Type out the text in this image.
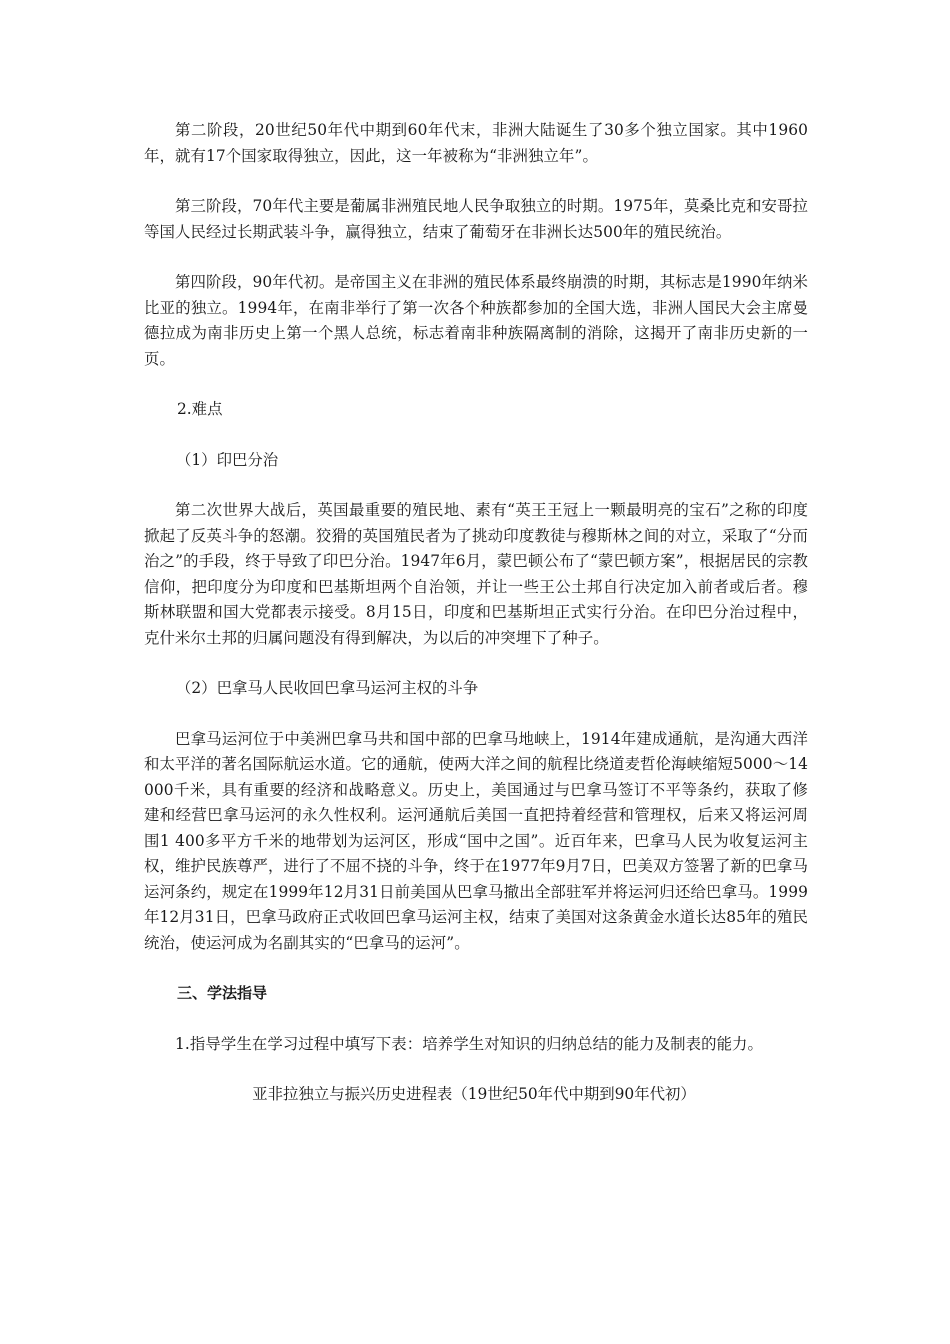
第二阶段，20世纪50年代中期到60年代末，非洲大陆诞生了30多个独立国家。其中1960年，就有17个国家取得独立，因此，这一年被称为“非洲独立年”。

第三阶段，70年代主要是葡属非洲殖民地人民争取独立的时期。1975年，莫桑比克和安哥拉等国人民经过长期武装斗争，赢得独立，结束了葡萄牙在非洲长达500年的殖民统治。

第四阶段，90年代初。是帝国主义在非洲的殖民体系最终崩溃的时期，其标志是1990年纳米比亚的独立。1994年，在南非举行了第一次各个种族都参加的全国大选，非洲人国民大会主席曼德拉成为南非历史上第一个黑人总统，标志着南非种族隔离制的消除，这揭开了南非历史新的一页。

2.难点

（1）印巴分治

第二次世界大战后，英国最重要的殖民地、素有“英王王冠上一颗最明亮的宝石”之称的印度掀起了反英斗争的怒潮。狡猾的英国殖民者为了挑动印度教徒与穆斯林之间的对立，采取了“分而治之”的手段，终于导致了印巴分治。1947年6月，蒙巴顿公布了“蒙巴顿方案”，根据居民的宗教信仰，把印度分为印度和巴基斯坦两个自治领，并让一些王公土邦自行决定加入前者或后者。穆斯林联盟和国大党都表示接受。8月15日，印度和巴基斯坦正式实行分治。在印巴分治过程中，克什米尔土邦的归属问题没有得到解决，为以后的冲突埋下了种子。

（2）巴拿马人民收回巴拿马运河主权的斗争

巴拿马运河位于中美洲巴拿马共和国中部的巴拿马地峡上，1914年建成通航，是沟通大西洋和太平洋的著名国际航运水道。它的通航，使两大洋之间的航程比绕道麦哲伦海峡缩短5000～14 000千米，具有重要的经济和战略意义。历史上，美国通过与巴拿马签订不平等条约，获取了修建和经营巴拿马运河的永久性权利。运河通航后美国一直把持着经营和管理权，后来又将运河周围1 400多平方千米的地带划为运河区，形成“国中之国”。近百年来，巴拿马人民为收复运河主权，维护民族尊严，进行了不屈不挠的斗争，终于在1977年9月7日，巴美双方签署了新的巴拿马运河条约，规定在1999年12月31日前美国从巴拿马撤出全部驻军并将运河归还给巴拿马。1999年12月31日，巴拿马政府正式收回巴拿马运河主权，结束了美国对这条黄金水道长达85年的殖民统治，使运河成为名副其实的“巴拿马的运河”。

三、学法指导

1.指导学生在学习过程中填写下表：培养学生对知识的归纳总结的能力及制表的能力。

亚非拉独立与振兴历史进程表（19世纪50年代中期到90年代初）
